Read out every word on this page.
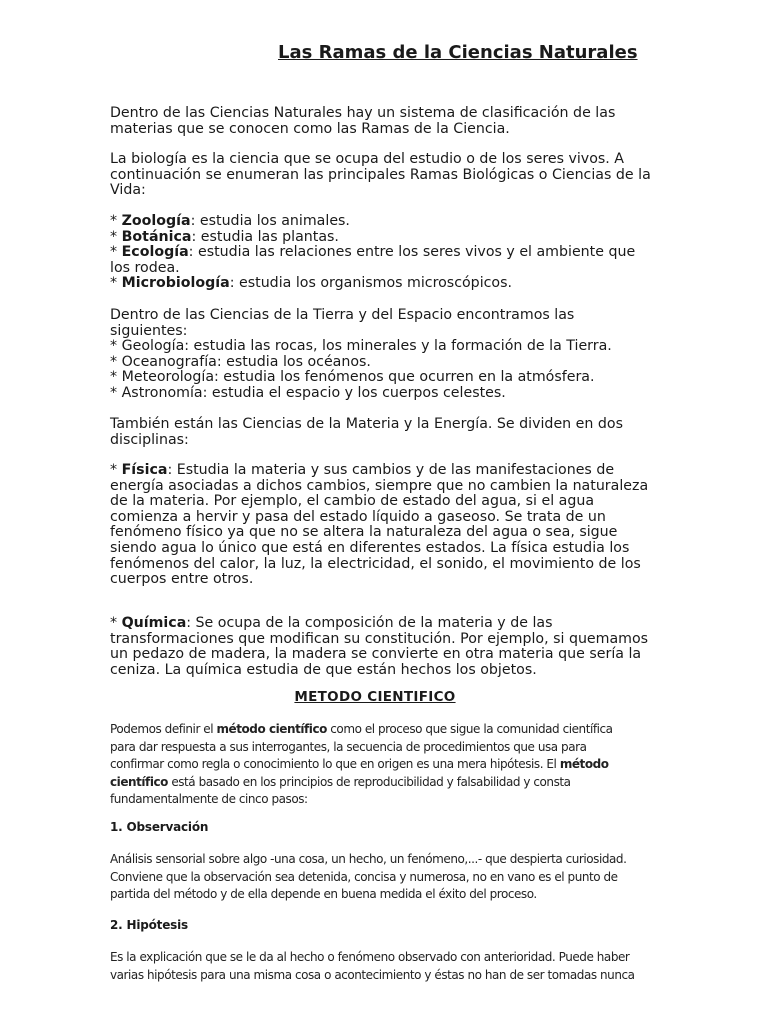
Las Ramas de la Ciencias Naturales

Dentro de las Ciencias Naturales hay un sistema de clasificación de las materias que se conocen como las Ramas de la Ciencia.

La biología es la ciencia que se ocupa del estudio o de los seres vivos. A continuación se enumeran las principales Ramas Biológicas o Ciencias de la Vida:

* Zoología: estudia los animales.

* Botánica: estudia las plantas.

* Ecología: estudia las relaciones entre los seres vivos y el ambiente que los rodea.

* Microbiología: estudia los organismos microscópicos.

Dentro de las Ciencias de la Tierra y del Espacio encontramos las siguientes:

* Geología: estudia las rocas, los minerales y la formación de la Tierra.

* Oceanografía: estudia los océanos.

* Meteorología: estudia los fenómenos que ocurren en la atmósfera.

* Astronomía: estudia el espacio y los cuerpos celestes.

También están las Ciencias de la Materia y la Energía. Se dividen en dos disciplinas:

* Física: Estudia la materia y sus cambios y de las manifestaciones de energía asociadas a dichos cambios, siempre que no cambien la naturaleza de la materia. Por ejemplo, el cambio de estado del agua, si el agua comienza a hervir y pasa del estado líquido a gaseoso. Se trata de un fenómeno físico ya que no se altera la naturaleza del agua o sea, sigue siendo agua lo único que está en diferentes estados. La física estudia los fenómenos del calor, la luz, la electricidad, el sonido, el movimiento de los cuerpos entre otros.

* Química: Se ocupa de la composición de la materia y de las transformaciones que modifican su constitución. Por ejemplo, si quemamos un pedazo de madera, la madera se convierte en otra materia que sería la ceniza. La química estudia de que están hechos los objetos.

METODO CIENTIFICO

Podemos definir el método científico como el proceso que sigue la comunidad científica para dar respuesta a sus interrogantes, la secuencia de procedimientos que usa para confirmar como regla o conocimiento lo que en origen es una mera hipótesis. El método científico está basado en los principios de reproducibilidad y falsabilidad y consta fundamentalmente de cinco pasos:

1. Observación

Análisis sensorial sobre algo -una cosa, un hecho, un fenómeno,...- que despierta curiosidad. Conviene que la observación sea detenida, concisa y numerosa, no en vano es el punto de partida del método y de ella depende en buena medida el éxito del proceso.

2. Hipótesis

Es la explicación que se le da al hecho o fenómeno observado con anterioridad. Puede haber varias hipótesis para una misma cosa o acontecimiento y éstas no han de ser tomadas nunca
